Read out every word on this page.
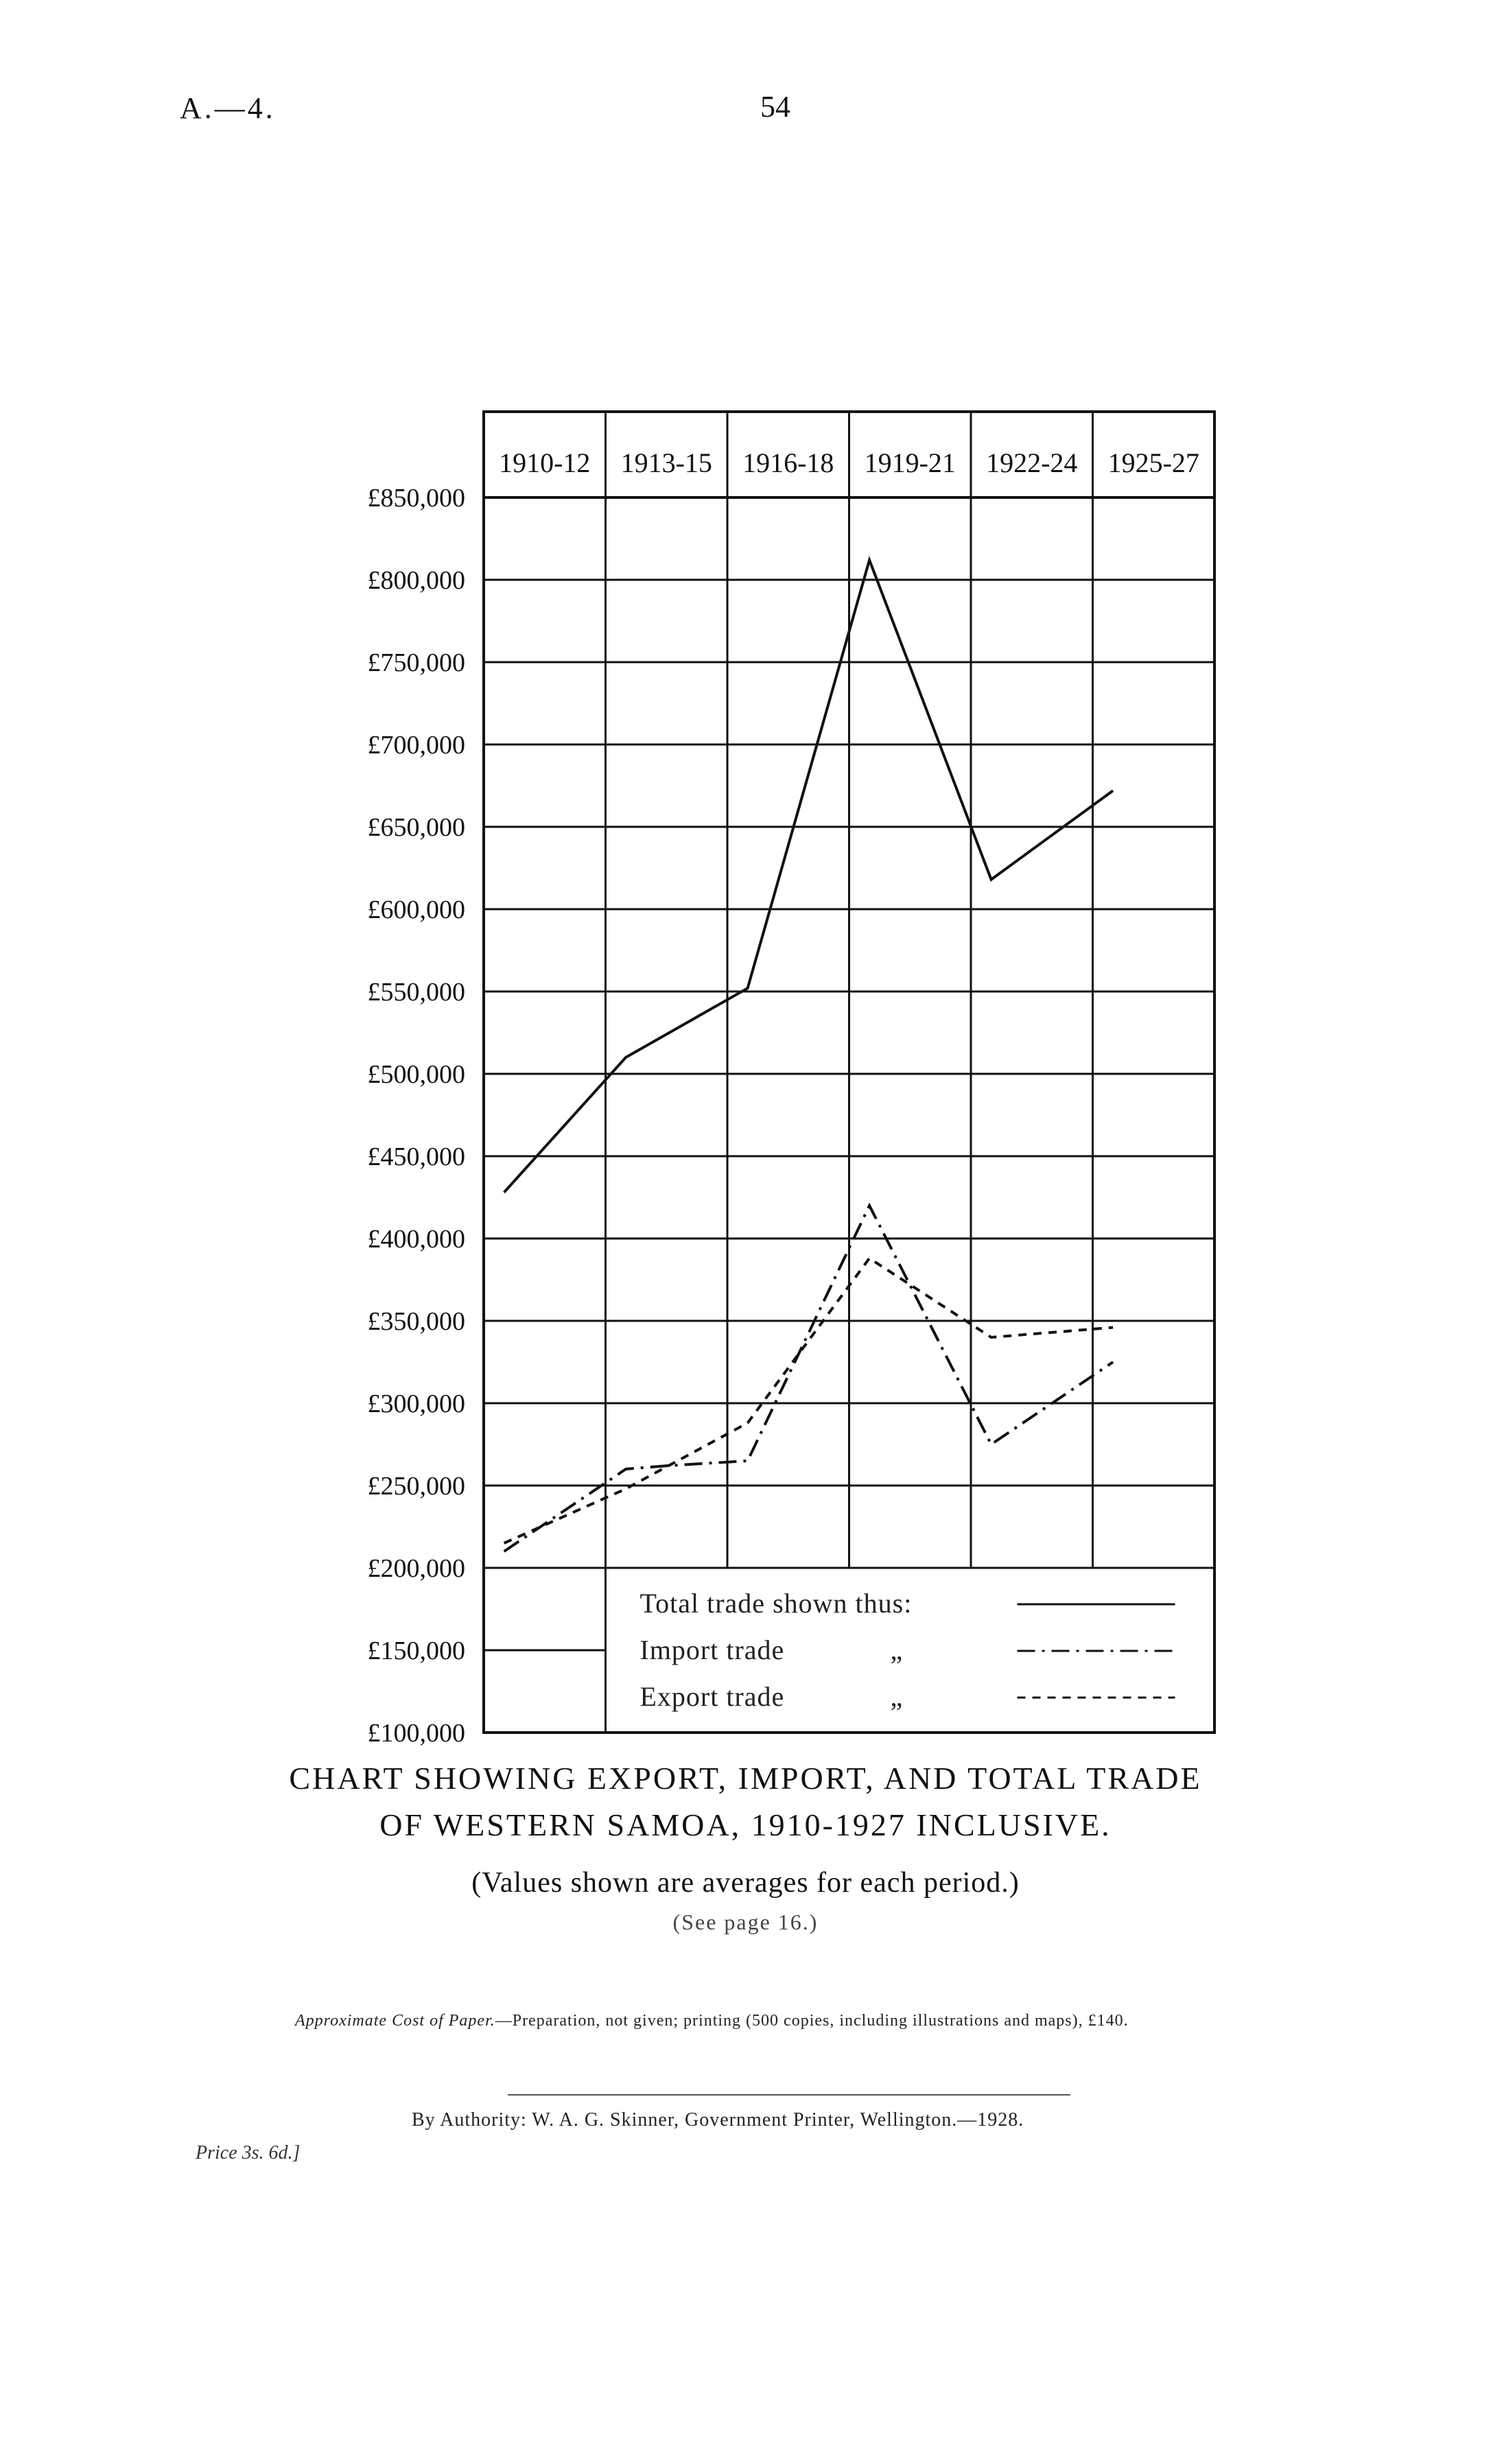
A.—4.	54
£850,000
£800,000
£750,000
£700,000
£650,000
£600,000
£550,000
£500,000
£450,000
£400,000
£350,000
£300,000
£250,000
£200,000
£150,000
£100,000
1910-12 1913-15 1916-18 1919-21 1922-24 1925-27
Total trade shown thus:
Import trade	„
Export trade	„
CHART SHOWING EXPORT, IMPORT, AND TOTAL TRADE
OF WESTERN SAMOA, 1910-1927 INCLUSIVE.
(Values shown are averages for each period.)
(See page 16.)
Approximate Cost of Paper.—Preparation, not given; printing (500 copies, including illustrations and maps), £140.
By Authority: W. A. G. Skinner, Government Printer, Wellington.—1928.
Price 3s. 6d.]
